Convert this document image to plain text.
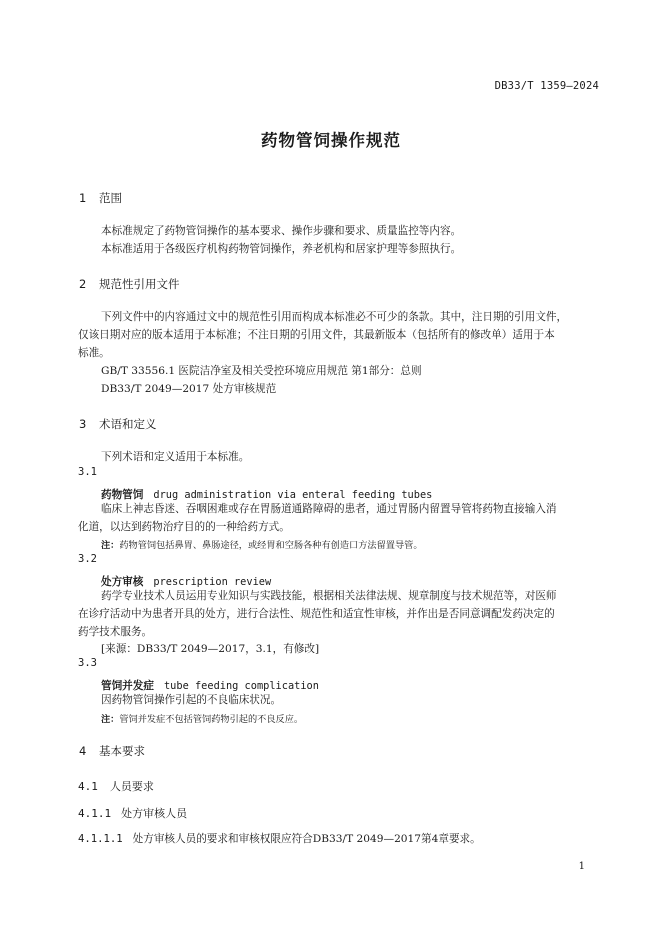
DB33/T 1359—2024
药物管饲操作规范
1 范围
本标准规定了药物管饲操作的基本要求、操作步骤和要求、质量监控等内容。
本标准适用于各级医疗机构药物管饲操作，养老机构和居家护理等参照执行。
2 规范性引用文件
下列文件中的内容通过文中的规范性引用而构成本标准必不可少的条款。其中，注日期的引用文件，
仅该日期对应的版本适用于本标准；不注日期的引用文件，其最新版本（包括所有的修改单）适用于本
标准。
GB/T 33556.1 医院洁净室及相关受控环境应用规范 第1部分：总则
DB33/T 2049—2017 处方审核规范
3 术语和定义
下列术语和定义适用于本标准。
3.1
药物管饲 drug administration via enteral feeding tubes
临床上神志昏迷、吞咽困难或存在胃肠道通路障碍的患者，通过胃肠内留置导管将药物直接输入消
化道，以达到药物治疗目的的一种给药方式。
注：药物管饲包括鼻胃、鼻肠途径，或经胃和空肠各种有创造口方法留置导管。
3.2
处方审核 prescription review
药学专业技术人员运用专业知识与实践技能，根据相关法律法规、规章制度与技术规范等，对医师
在诊疗活动中为患者开具的处方，进行合法性、规范性和适宜性审核，并作出是否同意调配发药决定的
药学技术服务。
[来源：DB33/T 2049—2017，3.1，有修改]
3.3
管饲并发症 tube feeding complication
因药物管饲操作引起的不良临床状况。
注：管饲并发症不包括管饲药物引起的不良反应。
4 基本要求
4.1 人员要求
4.1.1 处方审核人员
4.1.1.1 处方审核人员的要求和审核权限应符合DB33/T 2049—2017第4章要求。
1
